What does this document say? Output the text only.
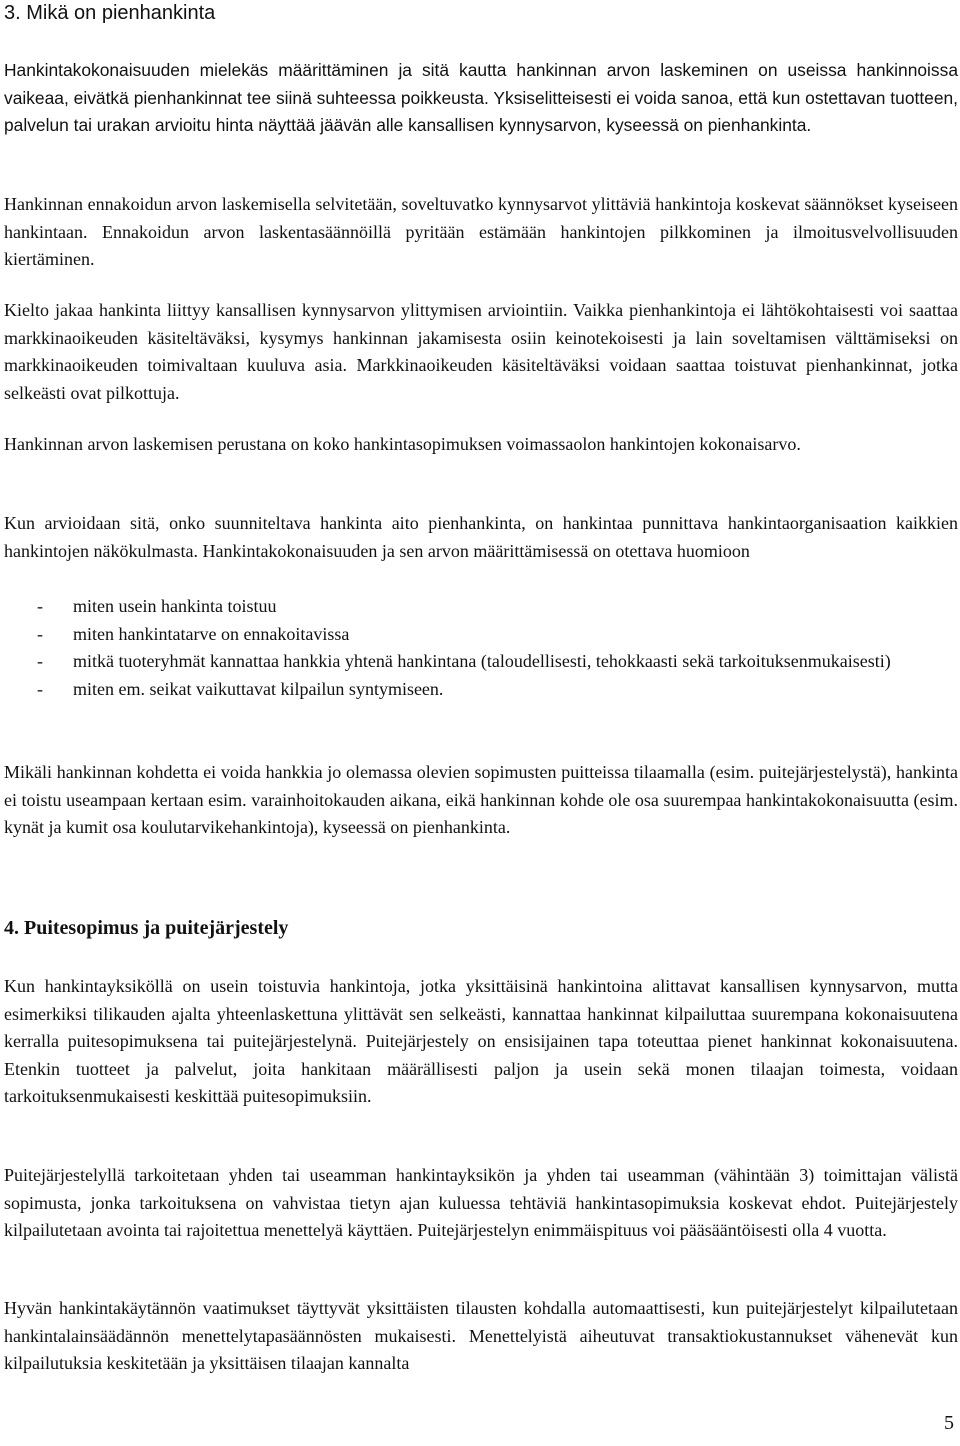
3. Mikä on pienhankinta

Hankintakokonaisuuden mielekäs määrittäminen ja sitä kautta hankinnan arvon laskeminen on useissa hankinnoissa vaikeaa, eivätkä pienhankinnat tee siinä suhteessa poikkeusta. Yksiselitteisesti ei voida sanoa, että kun ostettavan tuotteen, palvelun tai urakan arvioitu hinta näyttää jäävän alle kansallisen kynnysarvon, kyseessä on pienhankinta.

Hankinnan ennakoidun arvon laskemisella selvitetään, soveltuvatko kynnysarvot ylittäviä hankintoja koskevat säännökset kyseiseen hankintaan. Ennakoidun arvon laskentasäännöillä pyritään estämään hankintojen pilkkominen ja ilmoitusvelvollisuuden kiertäminen.

Kielto jakaa hankinta liittyy kansallisen kynnysarvon ylittymisen arviointiin. Vaikka pienhankintoja ei lähtökohtaisesti voi saattaa markkinaoikeuden käsiteltäväksi, kysymys hankinnan jakamisesta osiin keinotekoisesti ja lain soveltamisen välttämiseksi on markkinaoikeuden toimivaltaan kuuluva asia. Markkinaoikeuden käsiteltäväksi voidaan saattaa toistuvat pienhankinnat, jotka selkeästi ovat pilkottuja.

Hankinnan arvon laskemisen perustana on koko hankintasopimuksen voimassaolon hankintojen kokonaisarvo.

Kun arvioidaan sitä, onko suunniteltava hankinta aito pienhankinta, on hankintaa punnittava hankintaorganisaation kaikkien hankintojen näkökulmasta. Hankintakokonaisuuden ja sen arvon määrittämisessä on otettava huomioon

- miten usein hankinta toistuu
- miten hankintatarve on ennakoitavissa
- mitkä tuoteryhmät kannattaa hankkia yhtenä hankintana (taloudellisesti, tehokkaasti sekä tarkoituksenmukaisesti)
- miten em. seikat vaikuttavat kilpailun syntymiseen.

Mikäli hankinnan kohdetta ei voida hankkia jo olemassa olevien sopimusten puitteissa tilaamalla (esim. puitejärjestelystä), hankinta ei toistu useampaan kertaan esim. varainhoitokauden aikana, eikä hankinnan kohde ole osa suurempaa hankintakokonaisuutta (esim. kynät ja kumit osa koulutarvikehankintoja), kyseessä on pienhankinta.

4. Puitesopimus ja puitejärjestely

Kun hankintayksiköllä on usein toistuvia hankintoja, jotka yksittäisinä hankintoina alittavat kansallisen kynnysarvon, mutta esimerkiksi tilikauden ajalta yhteenlaskettuna ylittävät sen selkeästi, kannattaa hankinnat kilpailuttaa suurempana kokonaisuutena kerralla puitesopimuksena tai puitejärjestelynä. Puitejärjestely on ensisijainen tapa toteuttaa pienet hankinnat kokonaisuutena. Etenkin tuotteet ja palvelut, joita hankitaan määrällisesti paljon ja usein sekä monen tilaajan toimesta, voidaan tarkoituksenmukaisesti keskittää puitesopimuksiin.

Puitejärjestelyllä tarkoitetaan yhden tai useamman hankintayksikön ja yhden tai useamman (vähintään 3) toimittajan välistä sopimusta, jonka tarkoituksena on vahvistaa tietyn ajan kuluessa tehtäviä hankintasopimuksia koskevat ehdot. Puitejärjestely kilpailutetaan avointa tai rajoitettua menettelyä käyttäen. Puitejärjestelyn enimmäispituus voi pääsääntöisesti olla 4 vuotta.

Hyvän hankintakäytännön vaatimukset täyttyvät yksittäisten tilausten kohdalla automaattisesti, kun puitejärjestelyt kilpailutetaan hankintalainsäädännön menettelytapasäännösten mukaisesti. Menettelyistä aiheutuvat transaktiokustannukset vähenevät kun kilpailutuksia keskitetään ja yksittäisen tilaajan kannalta

5
